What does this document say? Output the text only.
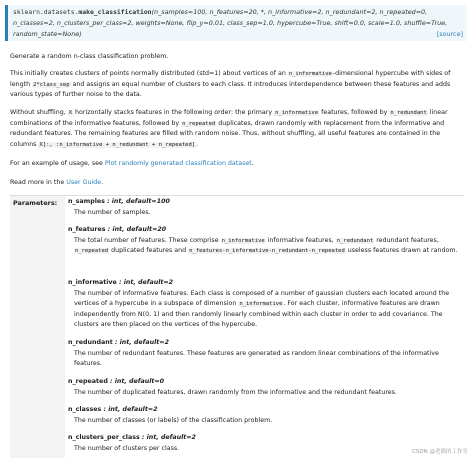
sklearn.datasets.make_classification(n_samples=100, n_features=20, *, n_informative=2, n_redundant=2, n_repeated=0, n_classes=2, n_clusters_per_class=2, weights=None, flip_y=0.01, class_sep=1.0, hypercube=True, shift=0.0, scale=1.0, shuffle=True, random_state=None)	[source]
Generate a random n-class classification problem.
This initially creates clusters of points normally distributed (std=1) about vertices of an n_informative-dimensional hypercube with sides of length 2*class_sep and assigns an equal number of clusters to each class. It introduces interdependence between these features and adds various types of further noise to the data.
Without shuffling, X horizontally stacks features in the following order: the primary n_informative features, followed by n_redundant linear combinations of the informative features, followed by n_repeated duplicates, drawn randomly with replacement from the informative and redundant features. The remaining features are filled with random noise. Thus, without shuffling, all useful features are contained in the columns X[:, :n_informative + n_redundant + n_repeated].
For an example of usage, see Plot randomly generated classification dataset.
Read more in the User Guide.
Parameters:	n_samples : int, default=100
The number of samples.
n_features : int, default=20
The total number of features. These comprise n_informative informative features, n_redundant redundant features, n_repeated duplicated features and n_features-n_informative-n_redundant-n_repeated useless features drawn at random.
n_informative : int, default=2
The number of informative features. Each class is composed of a number of gaussian clusters each located around the vertices of a hypercube in a subspace of dimension n_informative. For each cluster, informative features are drawn independently from N(0, 1) and then randomly linearly combined within each cluster in order to add covariance. The clusters are then placed on the vertices of the hypercube.
n_redundant : int, default=2
The number of redundant features. These features are generated as random linear combinations of the informative features.
n_repeated : int, default=0
The number of duplicated features, drawn randomly from the informative and the redundant features.
n_classes : int, default=2
The number of classes (or labels) of the classification problem.
n_clusters_per_class : int, default=2
The number of clusters per class.
CSDN @老猫的工作室
